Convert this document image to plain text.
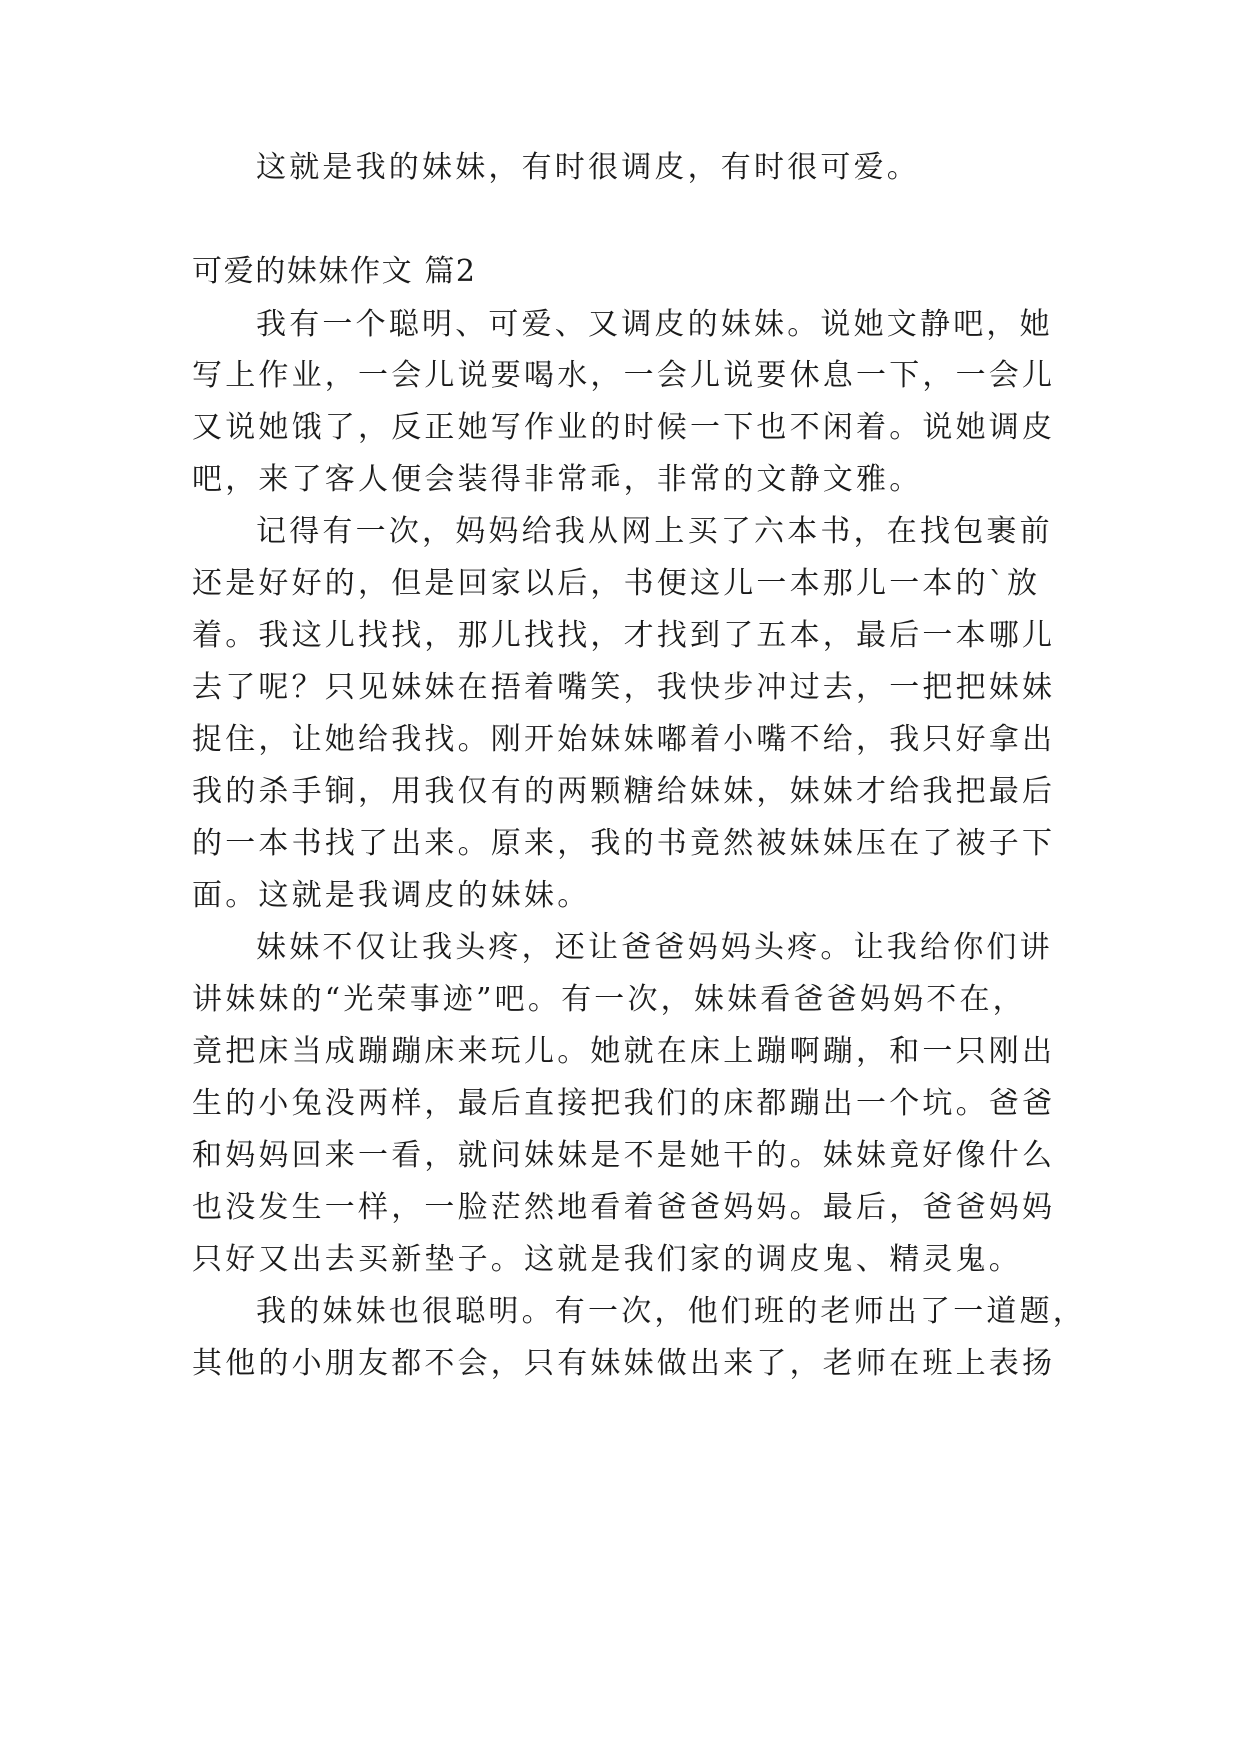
这就是我的妹妹，有时很调皮，有时很可爱。
可爱的妹妹作文 篇2
我有一个聪明、可爱、又调皮的妹妹。说她文静吧，她
写上作业，一会儿说要喝水，一会儿说要休息一下，一会儿
又说她饿了，反正她写作业的时候一下也不闲着。说她调皮
吧，来了客人便会装得非常乖，非常的文静文雅。
记得有一次，妈妈给我从网上买了六本书，在找包裹前
还是好好的，但是回家以后，书便这儿一本那儿一本的`放
着。我这儿找找，那儿找找，才找到了五本，最后一本哪儿
去了呢？只见妹妹在捂着嘴笑，我快步冲过去，一把把妹妹
捉住，让她给我找。刚开始妹妹嘟着小嘴不给，我只好拿出
我的杀手锏，用我仅有的两颗糖给妹妹，妹妹才给我把最后
的一本书找了出来。原来，我的书竟然被妹妹压在了被子下
面。这就是我调皮的妹妹。
妹妹不仅让我头疼，还让爸爸妈妈头疼。让我给你们讲
讲妹妹的“光荣事迹”吧。有一次，妹妹看爸爸妈妈不在，
竟把床当成蹦蹦床来玩儿。她就在床上蹦啊蹦，和一只刚出
生的小兔没两样，最后直接把我们的床都蹦出一个坑。爸爸
和妈妈回来一看，就问妹妹是不是她干的。妹妹竟好像什么
也没发生一样，一脸茫然地看着爸爸妈妈。最后，爸爸妈妈
只好又出去买新垫子。这就是我们家的调皮鬼、精灵鬼。
我的妹妹也很聪明。有一次，他们班的老师出了一道题，
其他的小朋友都不会，只有妹妹做出来了，老师在班上表扬
